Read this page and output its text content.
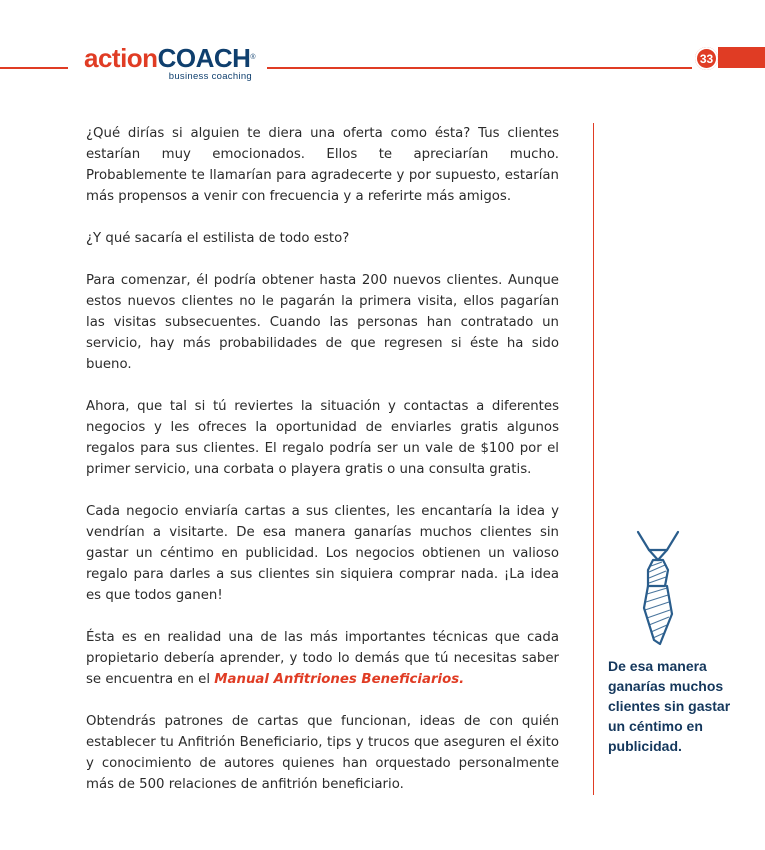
33
actionCOACH®
business coaching

¿Qué dirías si alguien te diera una oferta como ésta? Tus clientes estarían muy emocionados. Ellos te apreciarían mucho. Probablemente te llamarían para agradecerte y por supuesto, estarían más propensos a venir con frecuencia y a referirte más amigos.

¿Y qué sacaría el estilista de todo esto?

Para comenzar, él podría obtener hasta 200 nuevos clientes. Aunque estos nuevos clientes no le pagarán la primera visita, ellos pagarían las visitas subsecuentes. Cuando las personas han contratado un servicio, hay más probabilidades de que regresen si éste ha sido bueno.

Ahora, que tal si tú reviertes la situación y contactas a diferentes negocios y les ofreces la oportunidad de enviarles gratis algunos regalos para sus clientes. El regalo podría ser un vale de $100 por el primer servicio, una corbata o playera gratis o una consulta gratis.

Cada negocio enviaría cartas a sus clientes, les encantaría la idea y vendrían a visitarte. De esa manera ganarías muchos clientes sin gastar un céntimo en publicidad. Los negocios obtienen un valioso regalo para darles a sus clientes sin siquiera comprar nada. ¡La idea es que todos ganen!

Ésta es en realidad una de las más importantes técnicas que cada propietario debería aprender, y todo lo demás que tú necesitas saber se encuentra en el Manual Anfitriones Beneficiarios.

Obtendrás patrones de cartas que funcionan, ideas de con quién establecer tu Anfitrión Beneficiario, tips y trucos que aseguren el éxito y conocimiento de autores quienes han orquestado personalmente más de 500 relaciones de anfitrión beneficiario.

De esa manera ganarías muchos clientes sin gastar un céntimo en publicidad.
